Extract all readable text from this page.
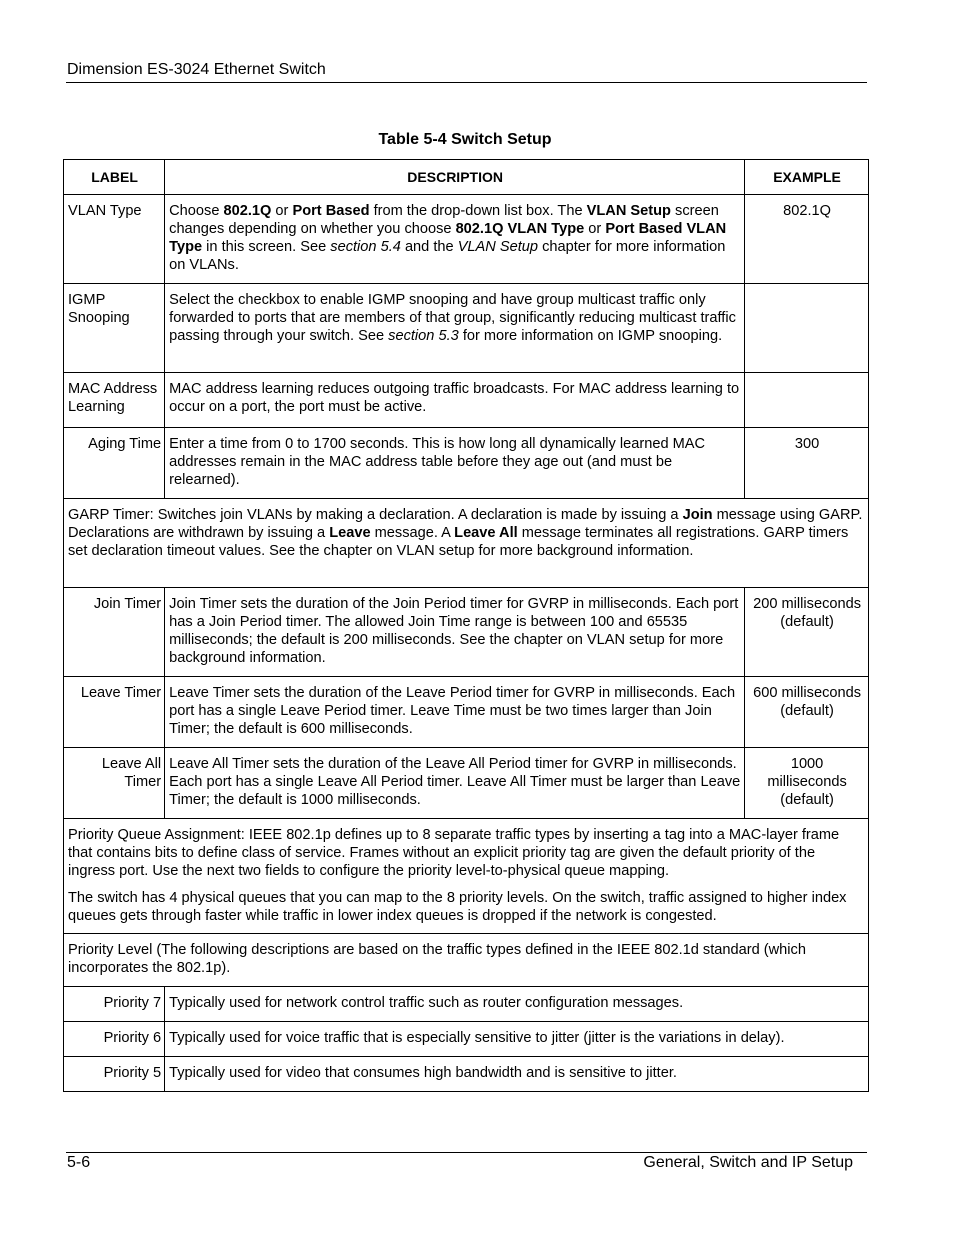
Dimension ES-3024 Ethernet Switch
Table 5-4 Switch Setup
LABEL	DESCRIPTION	EXAMPLE
VLAN Type	Choose 802.1Q or Port Based from the drop-down list box. The VLAN Setup screen changes depending on whether you choose 802.1Q VLAN Type or Port Based VLAN Type in this screen. See section 5.4 and the VLAN Setup chapter for more information on VLANs.	802.1Q
IGMP Snooping	Select the checkbox to enable IGMP snooping and have group multicast traffic only forwarded to ports that are members of that group, significantly reducing multicast traffic passing through your switch. See section 5.3 for more information on IGMP snooping.	
MAC Address Learning	MAC address learning reduces outgoing traffic broadcasts. For MAC address learning to occur on a port, the port must be active.	
Aging Time	Enter a time from 0 to 1700 seconds. This is how long all dynamically learned MAC addresses remain in the MAC address table before they age out (and must be relearned).	300
GARP Timer: Switches join VLANs by making a declaration. A declaration is made by issuing a Join message using GARP. Declarations are withdrawn by issuing a Leave message. A Leave All message terminates all registrations. GARP timers set declaration timeout values. See the chapter on VLAN setup for more background information.		
Join Timer	Join Timer sets the duration of the Join Period timer for GVRP in milliseconds. Each port has a Join Period timer. The allowed Join Time range is between 100 and 65535 milliseconds; the default is 200 milliseconds. See the chapter on VLAN setup for more background information.	200 milliseconds (default)
Leave Timer	Leave Timer sets the duration of the Leave Period timer for GVRP in milliseconds. Each port has a single Leave Period timer. Leave Time must be two times larger than Join Timer; the default is 600 milliseconds.	600 milliseconds (default)
Leave All Timer	Leave All Timer sets the duration of the Leave All Period timer for GVRP in milliseconds. Each port has a single Leave All Period timer. Leave All Timer must be larger than Leave Timer; the default is 1000 milliseconds.	1000 milliseconds (default)

Priority Queue Assignment: IEEE 802.1p defines up to 8 separate traffic types by inserting a tag into a MAC-layer frame that contains bits to define class of service. Frames without an explicit priority tag are given the default priority of the ingress port. Use the next two fields to configure the priority level-to-physical queue mapping.

The switch has 4 physical queues that you can map to the 8 priority levels. On the switch, traffic assigned to higher index queues gets through faster while traffic in lower index queues is dropped if the network is congested.		

Priority Level (The following descriptions are based on the traffic types defined in the IEEE 802.1d standard (which incorporates the 802.1p).		
Priority 7	Typically used for network control traffic such as router configuration messages.	
Priority 6	Typically used for voice traffic that is especially sensitive to jitter (jitter is the variations in delay).	
Priority 5	Typically used for video that consumes high bandwidth and is sensitive to jitter.	
5-6	General, Switch and IP Setup
